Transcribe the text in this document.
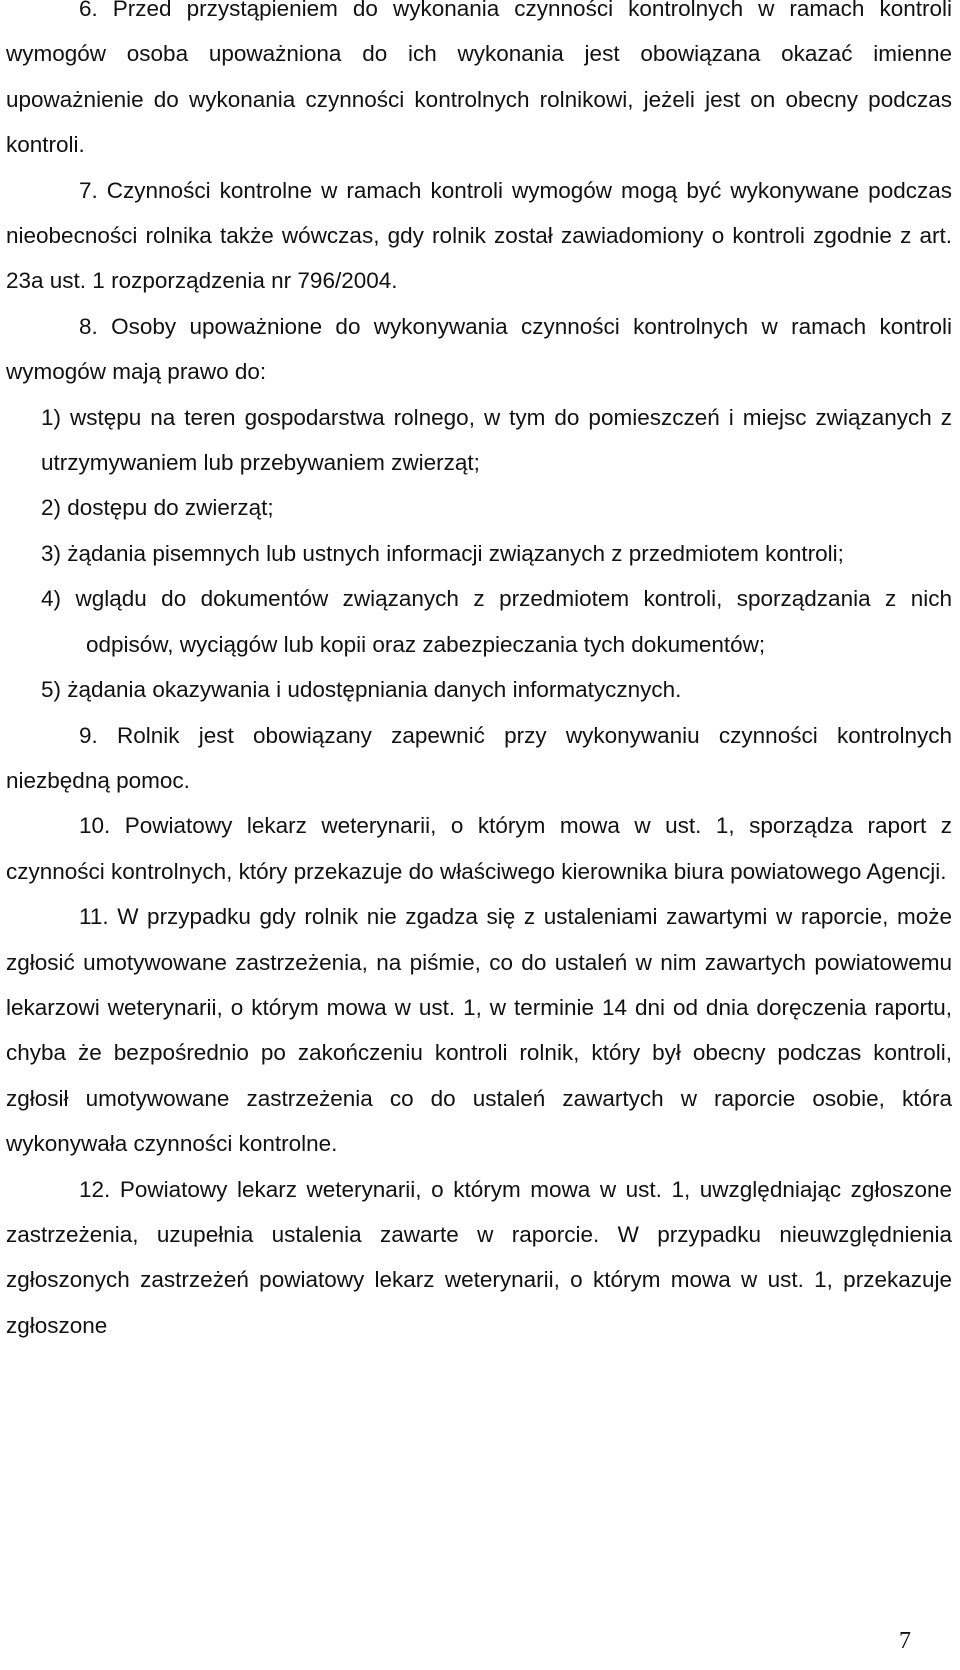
6. Przed przystąpieniem do wykonania czynności kontrolnych w ramach kontroli wymogów osoba upoważniona do ich wykonania jest obowiązana okazać imienne upoważnienie do wykonania czynności kontrolnych rolnikowi, jeżeli jest on obecny podczas kontroli.

7. Czynności kontrolne w ramach kontroli wymogów mogą być wykonywane podczas nieobecności rolnika także wówczas, gdy rolnik został zawiadomiony o kontroli zgodnie z art. 23a ust. 1 rozporządzenia nr 796/2004.

8. Osoby upoważnione do wykonywania czynności kontrolnych w ramach kontroli wymogów mają prawo do:

1) wstępu na teren gospodarstwa rolnego, w tym do pomieszczeń i miejsc związanych z utrzymywaniem lub przebywaniem zwierząt;

2) dostępu do zwierząt;

3) żądania pisemnych lub ustnych informacji związanych z przedmiotem kontroli;

4) wglądu do dokumentów związanych z przedmiotem kontroli, sporządzania z nich odpisów, wyciągów lub kopii oraz zabezpieczania tych dokumentów;

5) żądania okazywania i udostępniania danych informatycznych.

9. Rolnik jest obowiązany zapewnić przy wykonywaniu czynności kontrolnych niezbędną pomoc.

10. Powiatowy lekarz weterynarii, o którym mowa w ust. 1, sporządza raport z czynności kontrolnych, który przekazuje do właściwego kierownika biura powiatowego Agencji.

11. W przypadku gdy rolnik nie zgadza się z ustaleniami zawartymi w raporcie, może zgłosić umotywowane zastrzeżenia, na piśmie, co do ustaleń w nim zawartych powiatowemu lekarzowi weterynarii, o którym mowa w ust. 1, w terminie 14 dni od dnia doręczenia raportu, chyba że bezpośrednio po zakończeniu kontroli rolnik, który był obecny podczas kontroli, zgłosił umotywowane zastrzeżenia co do ustaleń zawartych w raporcie osobie, która wykonywała czynności kontrolne.

12. Powiatowy lekarz weterynarii, o którym mowa w ust. 1, uwzględniając zgłoszone zastrzeżenia, uzupełnia ustalenia zawarte w raporcie. W przypadku nieuwzględnienia zgłoszonych zastrzeżeń powiatowy lekarz weterynarii, o którym mowa w ust. 1, przekazuje zgłoszone

7
